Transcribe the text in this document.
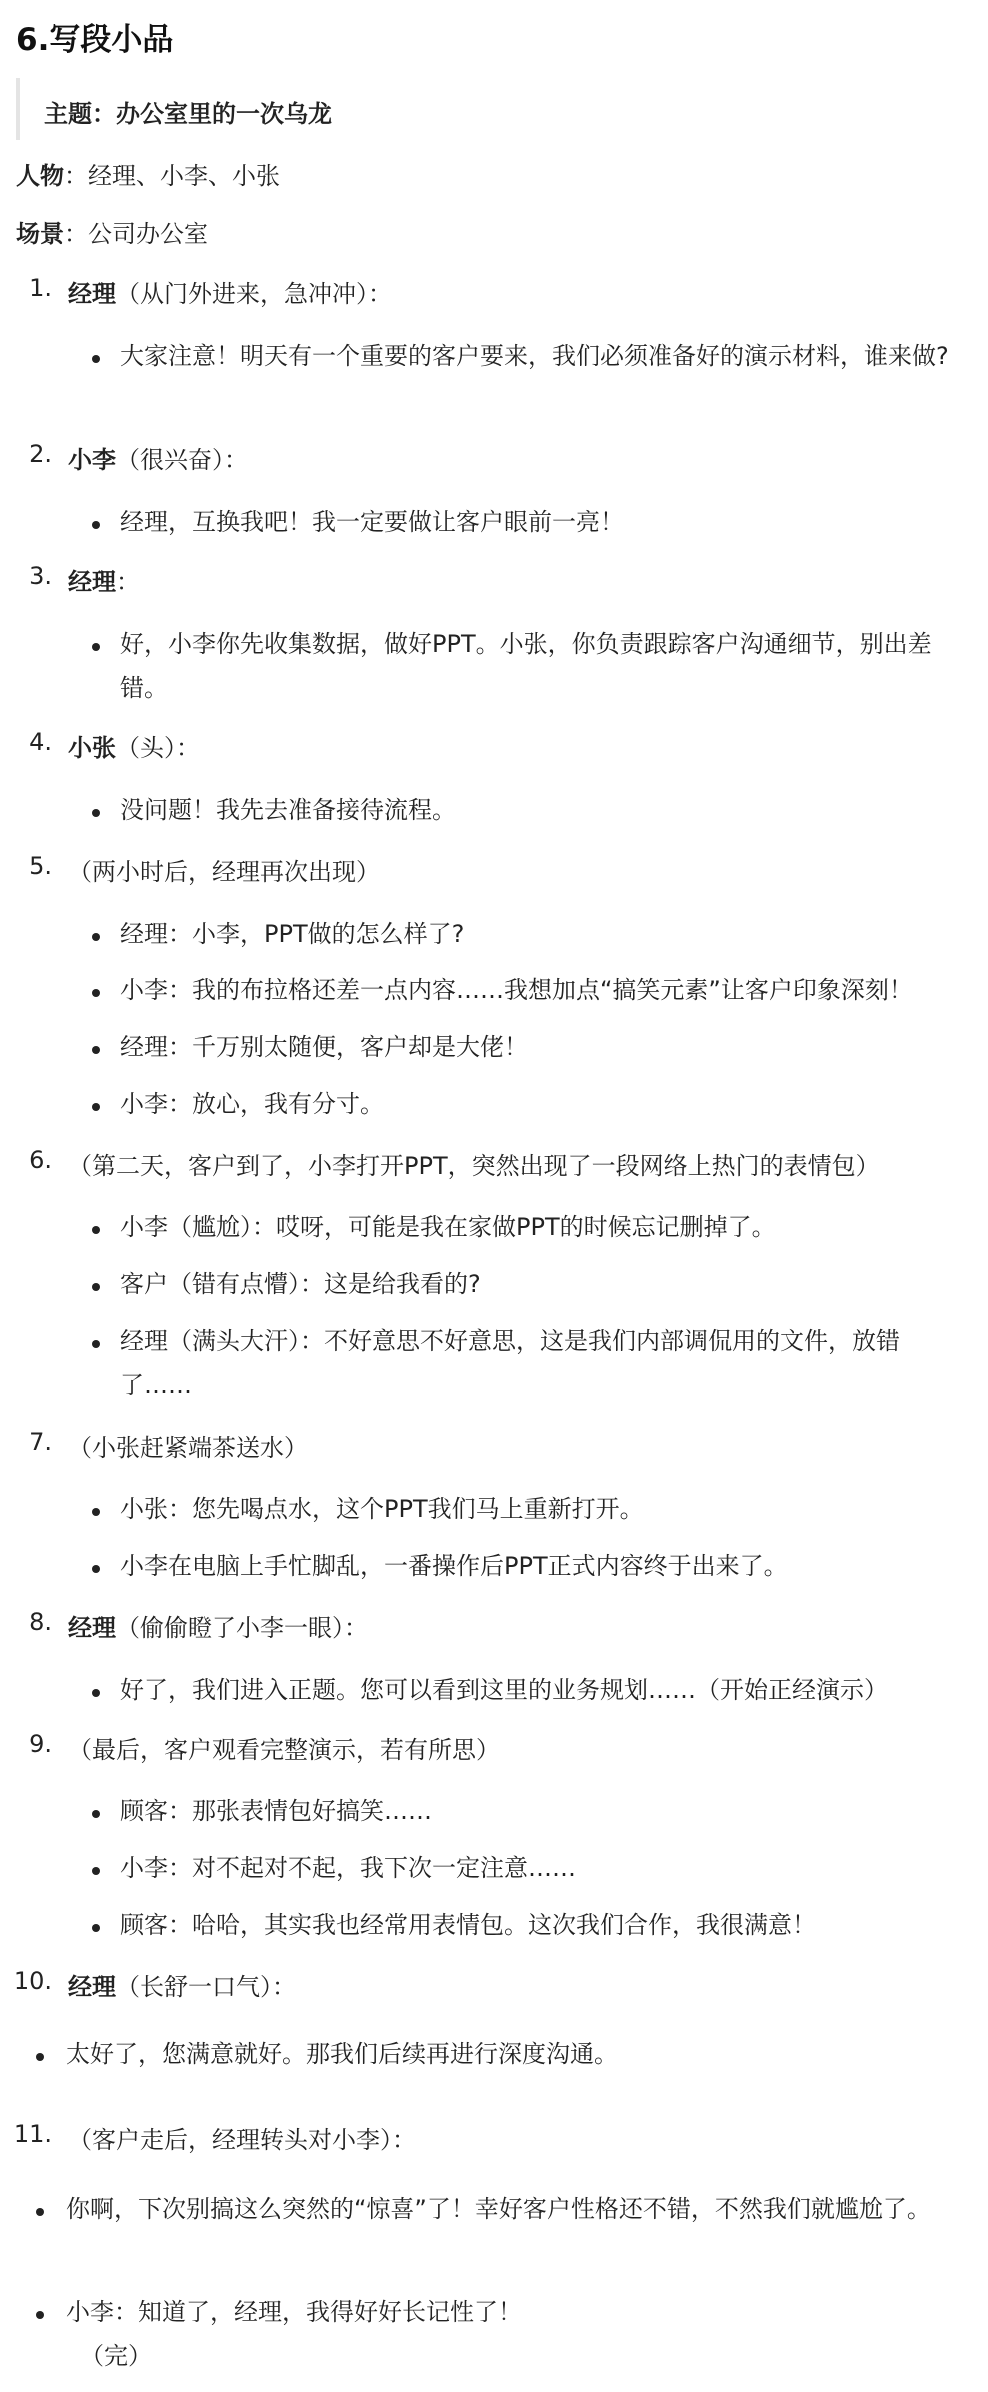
6.写段小品
主题：办公室里的一次乌龙
人物：经理、小李、小张
场景：公司办公室
1. 经理（从门外进来，急冲冲）：
大家注意！明天有一个重要的客户要来，我们必须准备好的演示材料，谁来做?
2. 小李（很兴奋）：
经理，互换我吧！我一定要做让客户眼前一亮！
3. 经理：
好，小李你先收集数据，做好PPT。小张，你负责跟踪客户沟通细节，别出差错。
4. 小张（头）：
没问题！我先去准备接待流程。
5. （两小时后，经理再次出现）
经理：小李，PPT做的怎么样了?
小李：我的布拉格还差一点内容……我想加点“搞笑元素”让客户印象深刻！
经理：千万别太随便，客户却是大佬！
小李：放心，我有分寸。
6. （第二天，客户到了，小李打开PPT，突然出现了一段网络上热门的表情包）
小李（尴尬）：哎呀，可能是我在家做PPT的时候忘记删掉了。
客户（错有点懵）：这是给我看的?
经理（满头大汗）：不好意思不好意思，这是我们内部调侃用的文件，放错了……
7. （小张赶紧端茶送水）
小张：您先喝点水，这个PPT我们马上重新打开。
小李在电脑上手忙脚乱，一番操作后PPT正式内容终于出来了。
8. 经理（偷偷瞪了小李一眼）：
好了，我们进入正题。您可以看到这里的业务规划……（开始正经演示）
9. （最后，客户观看完整演示，若有所思）
顾客：那张表情包好搞笑……
小李：对不起对不起，我下次一定注意……
顾客：哈哈，其实我也经常用表情包。这次我们合作，我很满意！
10. 经理（长舒一口气）：
太好了，您满意就好。那我们后续再进行深度沟通。
11. （客户走后，经理转头对小李）：
你啊，下次别搞这么突然的“惊喜”了！幸好客户性格还不错，不然我们就尴尬了。
小李：知道了，经理，我得好好长记性了！
（完）
